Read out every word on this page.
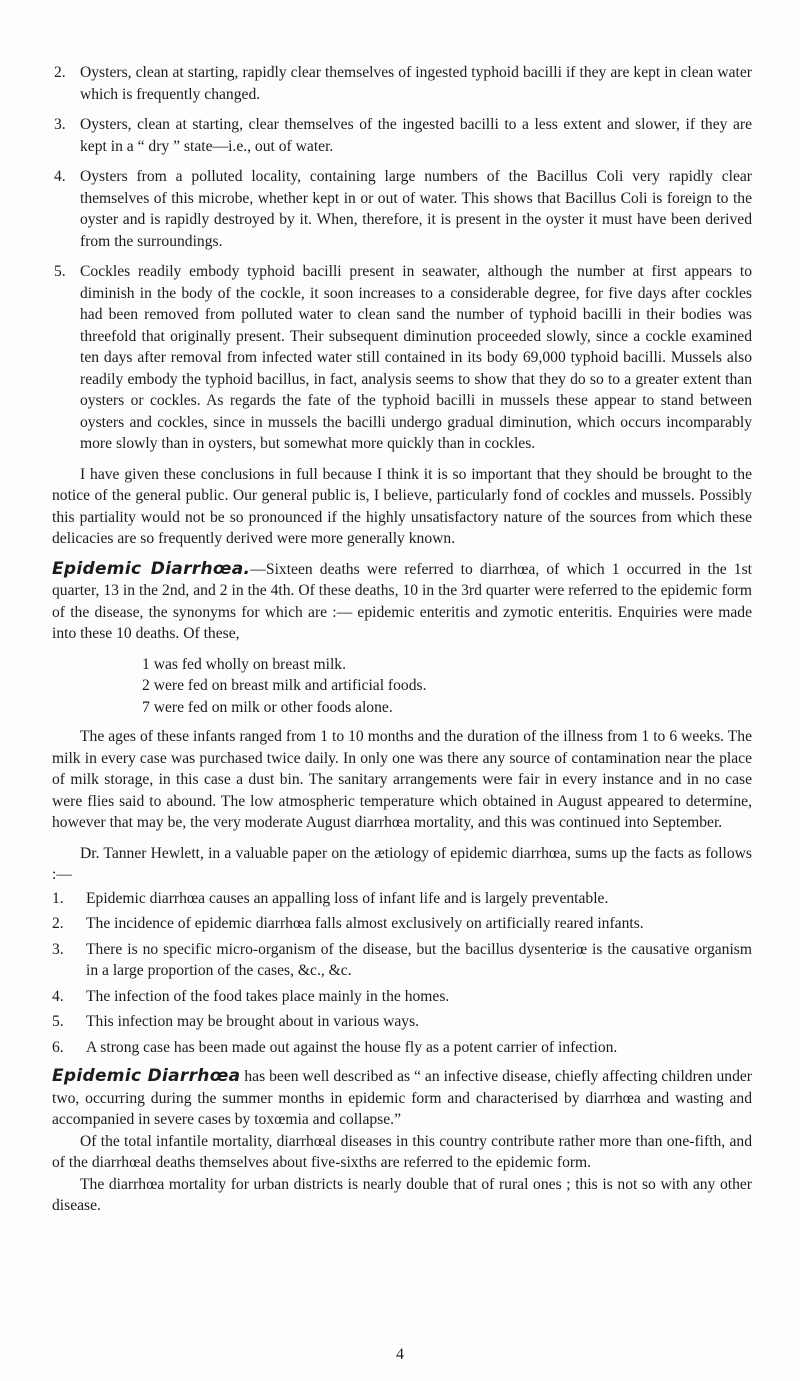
2. Oysters, clean at starting, rapidly clear themselves of ingested typhoid bacilli if they are kept in clean water which is frequently changed.
3. Oysters, clean at starting, clear themselves of the ingested bacilli to a less extent and slower, if they are kept in a “ dry ” state—i.e., out of water.
4. Oysters from a polluted locality, containing large numbers of the Bacillus Coli very rapidly clear themselves of this microbe, whether kept in or out of water. This shows that Bacillus Coli is foreign to the oyster and is rapidly destroyed by it. When, therefore, it is present in the oyster it must have been derived from the surroundings.
5. Cockles readily embody typhoid bacilli present in seawater, although the number at first appears to diminish in the body of the cockle, it soon increases to a considerable degree, for five days after cockles had been removed from polluted water to clean sand the number of typhoid bacilli in their bodies was threefold that originally present. Their subsequent diminution proceeded slowly, since a cockle examined ten days after removal from infected water still contained in its body 69,000 typhoid bacilli. Mussels also readily embody the typhoid bacillus, in fact, analysis seems to show that they do so to a greater extent than oysters or cockles. As regards the fate of the typhoid bacilli in mussels these appear to stand between oysters and cockles, since in mussels the bacilli undergo gradual diminution, which occurs incomparably more slowly than in oysters, but somewhat more quickly than in cockles.

I have given these conclusions in full because I think it is so important that they should be brought to the notice of the general public. Our general public is, I believe, particularly fond of cockles and mussels. Possibly this partiality would not be so pronounced if the highly unsatisfactory nature of the sources from which these delicacies are so frequently derived were more generally known.

Epidemic Diarrhœa.—Sixteen deaths were referred to diarrhœa, of which 1 occurred in the 1st quarter, 13 in the 2nd, and 2 in the 4th. Of these deaths, 10 in the 3rd quarter were referred to the epidemic form of the disease, the synonyms for which are :— epidemic enteritis and zymotic enteritis. Enquiries were made into these 10 deaths. Of these,

1 was fed wholly on breast milk.
2 were fed on breast milk and artificial foods.
7 were fed on milk or other foods alone.

The ages of these infants ranged from 1 to 10 months and the duration of the illness from 1 to 6 weeks. The milk in every case was purchased twice daily. In only one was there any source of contamination near the place of milk storage, in this case a dust bin. The sanitary arrangements were fair in every instance and in no case were flies said to abound. The low atmospheric temperature which obtained in August appeared to determine, however that may be, the very moderate August diarrhœa mortality, and this was continued into September.

Dr. Tanner Hewlett, in a valuable paper on the ætiology of epidemic diarrhœa, sums up the facts as follows :—

1. Epidemic diarrhœa causes an appalling loss of infant life and is largely preventable.
2. The incidence of epidemic diarrhœa falls almost exclusively on artificially reared infants.
3. There is no specific micro-organism of the disease, but the bacillus dysenteriœ is the causative organism in a large proportion of the cases, &c., &c.
4. The infection of the food takes place mainly in the homes.
5. This infection may be brought about in various ways.
6. A strong case has been made out against the house fly as a potent carrier of infection.

Epidemic Diarrhœa has been well described as “ an infective disease, chiefly affecting children under two, occurring during the summer months in epidemic form and characterised by diarrhœa and wasting and accompanied in severe cases by toxœmia and collapse.”

Of the total infantile mortality, diarrhœal diseases in this country contribute rather more than one-fifth, and of the diarrhœal deaths themselves about five-sixths are referred to the epidemic form.

The diarrhœa mortality for urban districts is nearly double that of rural ones ; this is not so with any other disease.

4
